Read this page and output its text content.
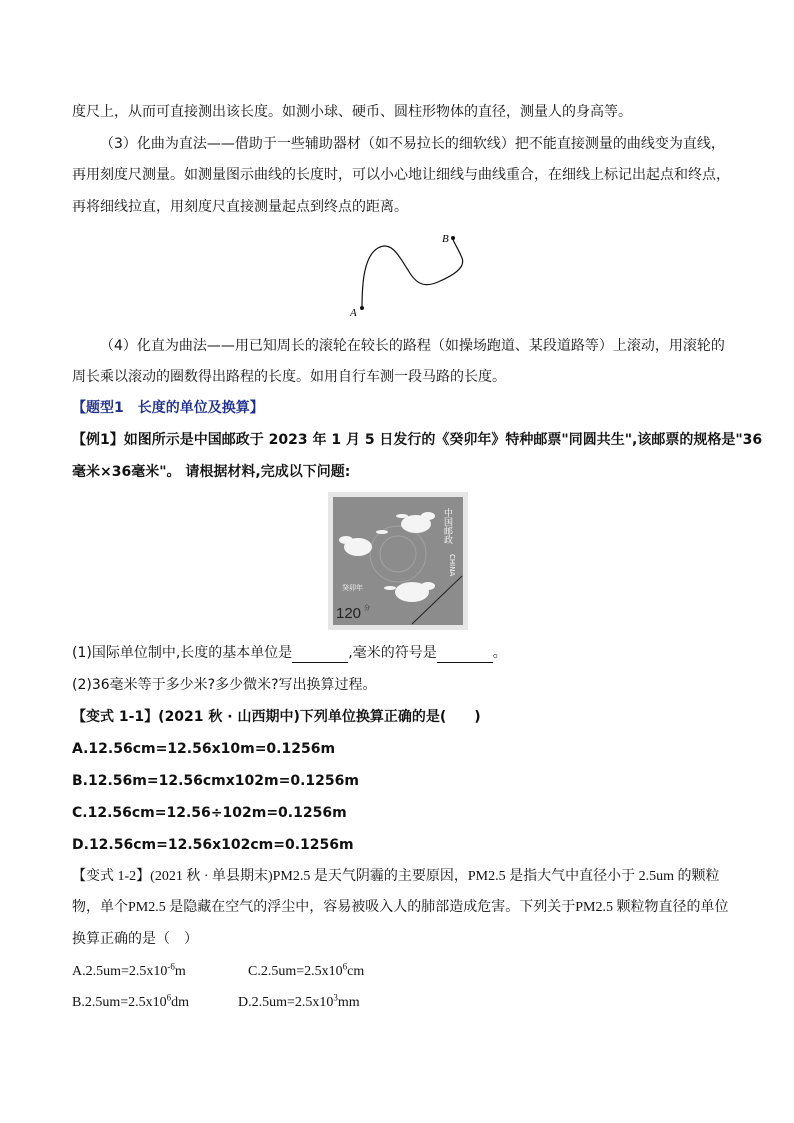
度尺上，从而可直接测出该长度。如测小球、硬币、圆柱形物体的直径，测量人的身高等。
（3）化曲为直法——借助于一些辅助器材（如不易拉长的细软线）把不能直接测量的曲线变为直线，
再用刻度尺测量。如测量图示曲线的长度时，可以小心地让细线与曲线重合，在细线上标记出起点和终点，
再将细线拉直，用刻度尺直接测量起点到终点的距离。
A
B
（4）化直为曲法——用已知周长的滚轮在较长的路程（如操场跑道、某段道路等）上滚动，用滚轮的
周长乘以滚动的圈数得出路程的长度。如用自行车测一段马路的长度。
【题型1　长度的单位及换算】
【例1】如图所示是中国邮政于 2023 年 1 月 5 日发行的《癸卯年》特种邮票"同圆共生",该邮票的规格是"36
毫米×36毫米"。 请根据材料,完成以下问题:
中国邮政
CHINA
癸卯年
120 分
(1)国际单位制中,长度的基本单位是	,毫米的符号是	。
(2)36毫米等于多少米?多少微米?写出换算过程。
【变式 1-1】(2021 秋 · 山西期中)下列单位换算正确的是(　　)
A.12.56cm=12.56x10m=0.1256m
B.12.56m=12.56cmx102m=0.1256m
C.12.56cm=12.56÷102m=0.1256m
D.12.56cm=12.56x102cm=0.1256m
【变式 1-2】(2021 秋 · 单县期末)PM2.5 是天气阴霾的主要原因，PM2.5 是指大气中直径小于 2.5um 的颗粒
物，单个PM2.5 是隐藏在空气的浮尘中，容易被吸入人的肺部造成危害。下列关于PM2.5 颗粒物直径的单位
换算正确的是（　）
$A.2.5um=2.5x10^{-6}m$	$C.2.5um=2.5x10^6cm$
$B.2.5um=2.5x10^6dm$	$D.2.5um=2.5x10^3mm$
